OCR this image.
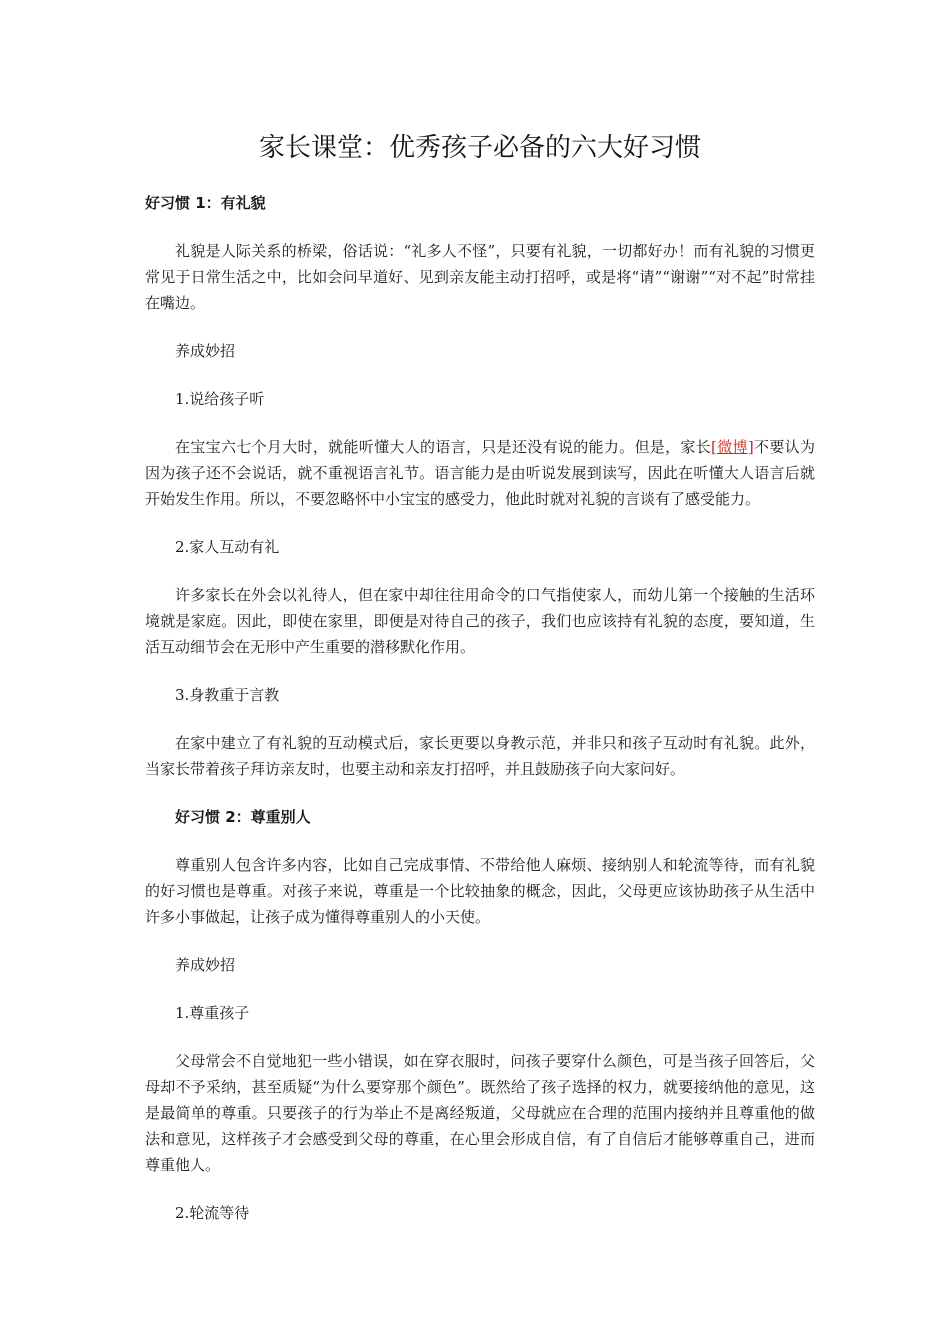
家长课堂：优秀孩子必备的六大好习惯
好习惯 1：有礼貌
礼貌是人际关系的桥梁，俗话说：“礼多人不怪”，只要有礼貌，一切都好办！而有礼貌的习惯更常见于日常生活之中，比如会问早道好、见到亲友能主动打招呼，或是将“请”“谢谢”“对不起”时常挂在嘴边。
养成妙招
1.说给孩子听
在宝宝六七个月大时，就能听懂大人的语言，只是还没有说的能力。但是，家长[微博]不要认为因为孩子还不会说话，就不重视语言礼节。语言能力是由听说发展到读写，因此在听懂大人语言后就开始发生作用。所以，不要忽略怀中小宝宝的感受力，他此时就对礼貌的言谈有了感受能力。
2.家人互动有礼
许多家长在外会以礼待人，但在家中却往往用命令的口气指使家人，而幼儿第一个接触的生活环境就是家庭。因此，即使在家里，即便是对待自己的孩子，我们也应该持有礼貌的态度，要知道，生活互动细节会在无形中产生重要的潜移默化作用。
3.身教重于言教
在家中建立了有礼貌的互动模式后，家长更要以身教示范，并非只和孩子互动时有礼貌。此外，当家长带着孩子拜访亲友时，也要主动和亲友打招呼，并且鼓励孩子向大家问好。
好习惯 2：尊重别人
尊重别人包含许多内容，比如自己完成事情、不带给他人麻烦、接纳别人和轮流等待，而有礼貌的好习惯也是尊重。对孩子来说，尊重是一个比较抽象的概念，因此，父母更应该协助孩子从生活中许多小事做起，让孩子成为懂得尊重别人的小天使。
养成妙招
1.尊重孩子
父母常会不自觉地犯一些小错误，如在穿衣服时，问孩子要穿什么颜色，可是当孩子回答后，父母却不予采纳，甚至质疑“为什么要穿那个颜色”。既然给了孩子选择的权力，就要接纳他的意见，这是最简单的尊重。只要孩子的行为举止不是离经叛道，父母就应在合理的范围内接纳并且尊重他的做法和意见，这样孩子才会感受到父母的尊重，在心里会形成自信，有了自信后才能够尊重自己，进而尊重他人。
2.轮流等待
